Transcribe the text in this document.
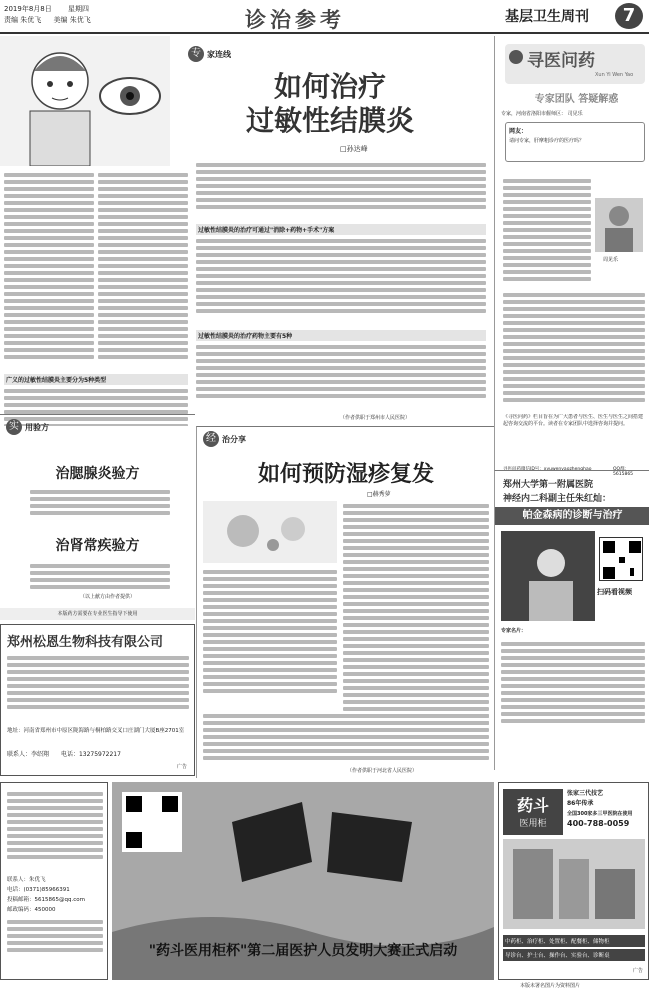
2019年8月8日 星期四
责编 朱优飞 美编 朱优飞	诊治参考	基层卫生周刊	7
专 家连线
如何治疗
过敏性结膜炎
□孙达峰
广义的过敏性结膜炎主要分为5种类型
过敏性结膜炎的治疗可通过"消除+药物+手术"方案
过敏性结膜炎的治疗药物主要有5种
（作者供职于郑州市人民医院）
寻医问药
Xun Yi Wen Yao
专家团队 答疑解惑
专家，河南省洛阳市偃师区： 司见乐
网友：
请问专家，肝摩粗诊疗的医疗吗？
周见乐
《寻医问药》栏目旨在为广大患者与医生、医生与医生之间搭建起咨询交流的平台。读者在专家团队中选择咨询并提问。
寻医问药微信ID号：xyuwenyaozhenghao	QQ群：5615865
实 用验方
治腮腺炎验方
治肾常疾验方
（以上献方由作者提供）
本版药方需要在专业医生指导下使用
经 治分享
如何预防湿疹复发
□赫秀萝
（作者供职于河北省人民医院）
郑州大学第一附属医院
神经内二科副主任朱红灿：
帕金森病的诊断与治疗
扫码看视频
专家名片：
郑州松恩生物科技有限公司
地址：河南省郑州市中原区陇海路与桐柏路交叉口庄湖门大厦B座2701室
联系人：李绍翔 电话：13275972217
广告
联系人：朱优飞
电话：(0371)85966391
投稿邮箱：5615865@qq.com
邮政编码：450000
"药斗医用柜杯"第二届医护人员发明大赛正式启动
药斗
医用柜
张家三代技艺
86年传承
全国300家多三甲医院在使用
400-788-0059
中药柜、治疗柜、处置柜、配餐柜、储物柜
导诊台、护士台、操作台、实验台、诊断桌
广告
本版未署名图片为资料图片
